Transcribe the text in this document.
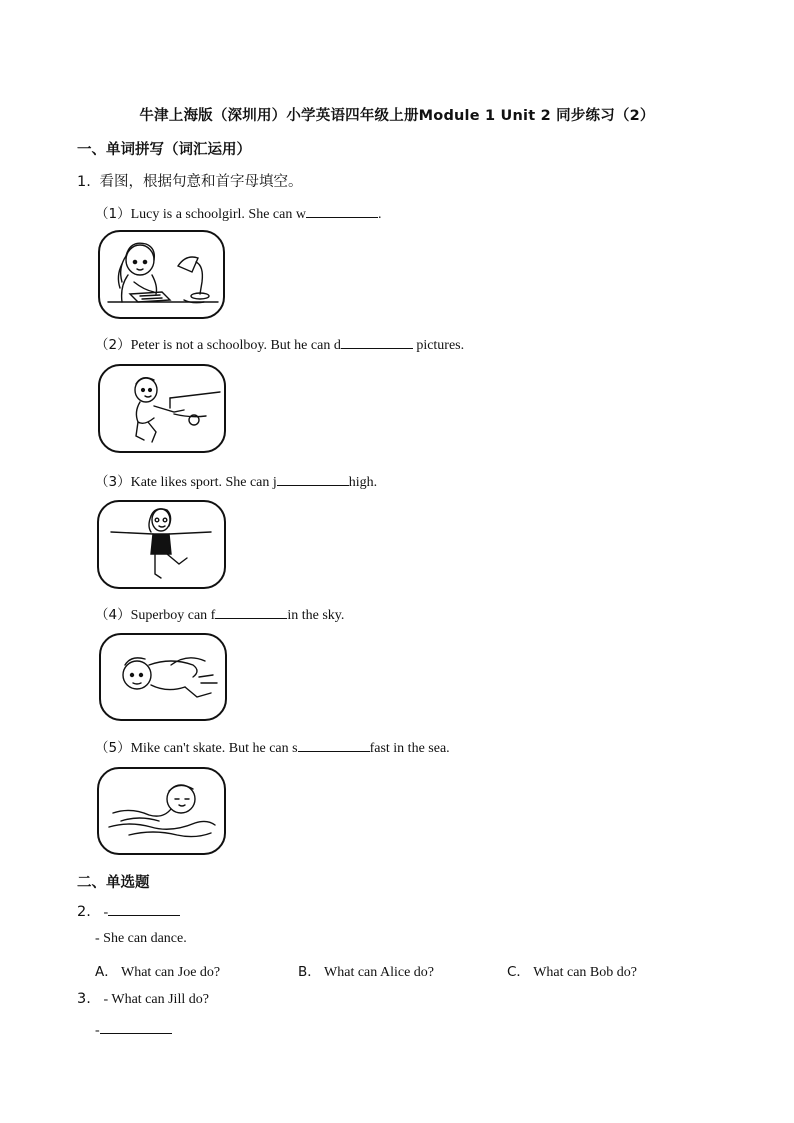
牛津上海版（深圳用）小学英语四年级上册Module 1 Unit 2 同步练习（2）
一、单词拼写（词汇运用）
1. 看图，根据句意和首字母填空。
（1）Lucy is a schoolgirl. She can w	.
（2）Peter is not a schoolboy. But he can d	pictures.
（3）Kate likes sport. She can j	high.
（4）Superboy can f	in the sky.
（5）Mike can't skate. But he can s	fast in the sea.
二、单选题
2. -
- She can dance.
A． What can Joe do?	B． What can Alice do?	C． What can Bob do?
3. - What can Jill do?
-
